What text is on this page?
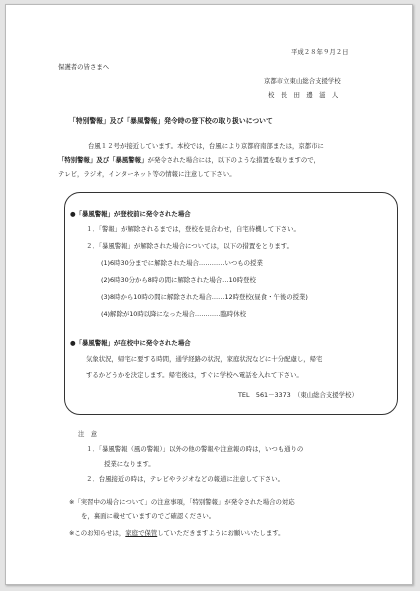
平成２８年９月２日
保護者の皆さまへ
京都市立東山総合支援学校
校　長　田　邊　滋　人
「特別警報」及び「暴風警報」発令時の登下校の取り扱いについて
台風１２号が接近しています。本校では，台風により京都府南部または，京都市に
「特別警報」及び「暴風警報」が発令された場合には，以下のような措置を取りますので，
テレビ，ラジオ，インターネット等の情報に注意して下さい。
●「暴風警報」が登校前に発令された場合
１．「警報」が解除されるまでは，登校を見合わせ，自宅待機して下さい。
２．「暴風警報」が解除された場合については，以下の措置をとります。
(1)6時30分までに解除された場合…………いつもの授業
(2)6時30分から8時の間に解除された場合…10時登校
(3)8時から10時の間に解除された場合……12時登校(昼食・午後の授業)
(4)解除が10時以降になった場合…………臨時休校
●「暴風警報」が在校中に発令された場合
気象状況，帰宅に要する時間，通学経路の状況，家庭状況などに十分配慮し，帰宅
するかどうかを決定します。帰宅後は，すぐに学校へ電話を入れて下さい。
TEL　561－3373　（東山総合支援学校）
注　意
１．「暴風警報（風の警報）」以外の他の警報や注意報の時は，いつも通りの
授業になります。
２．台風接近の時は，テレビやラジオなどの報道に注意して下さい。
※「実習中の場合について」の注意事項，「特別警報」が発令された場合の対応
を，裏面に載せていますのでご確認ください。
※このお知らせは，家庭で保管していただきますようにお願いいたします。
